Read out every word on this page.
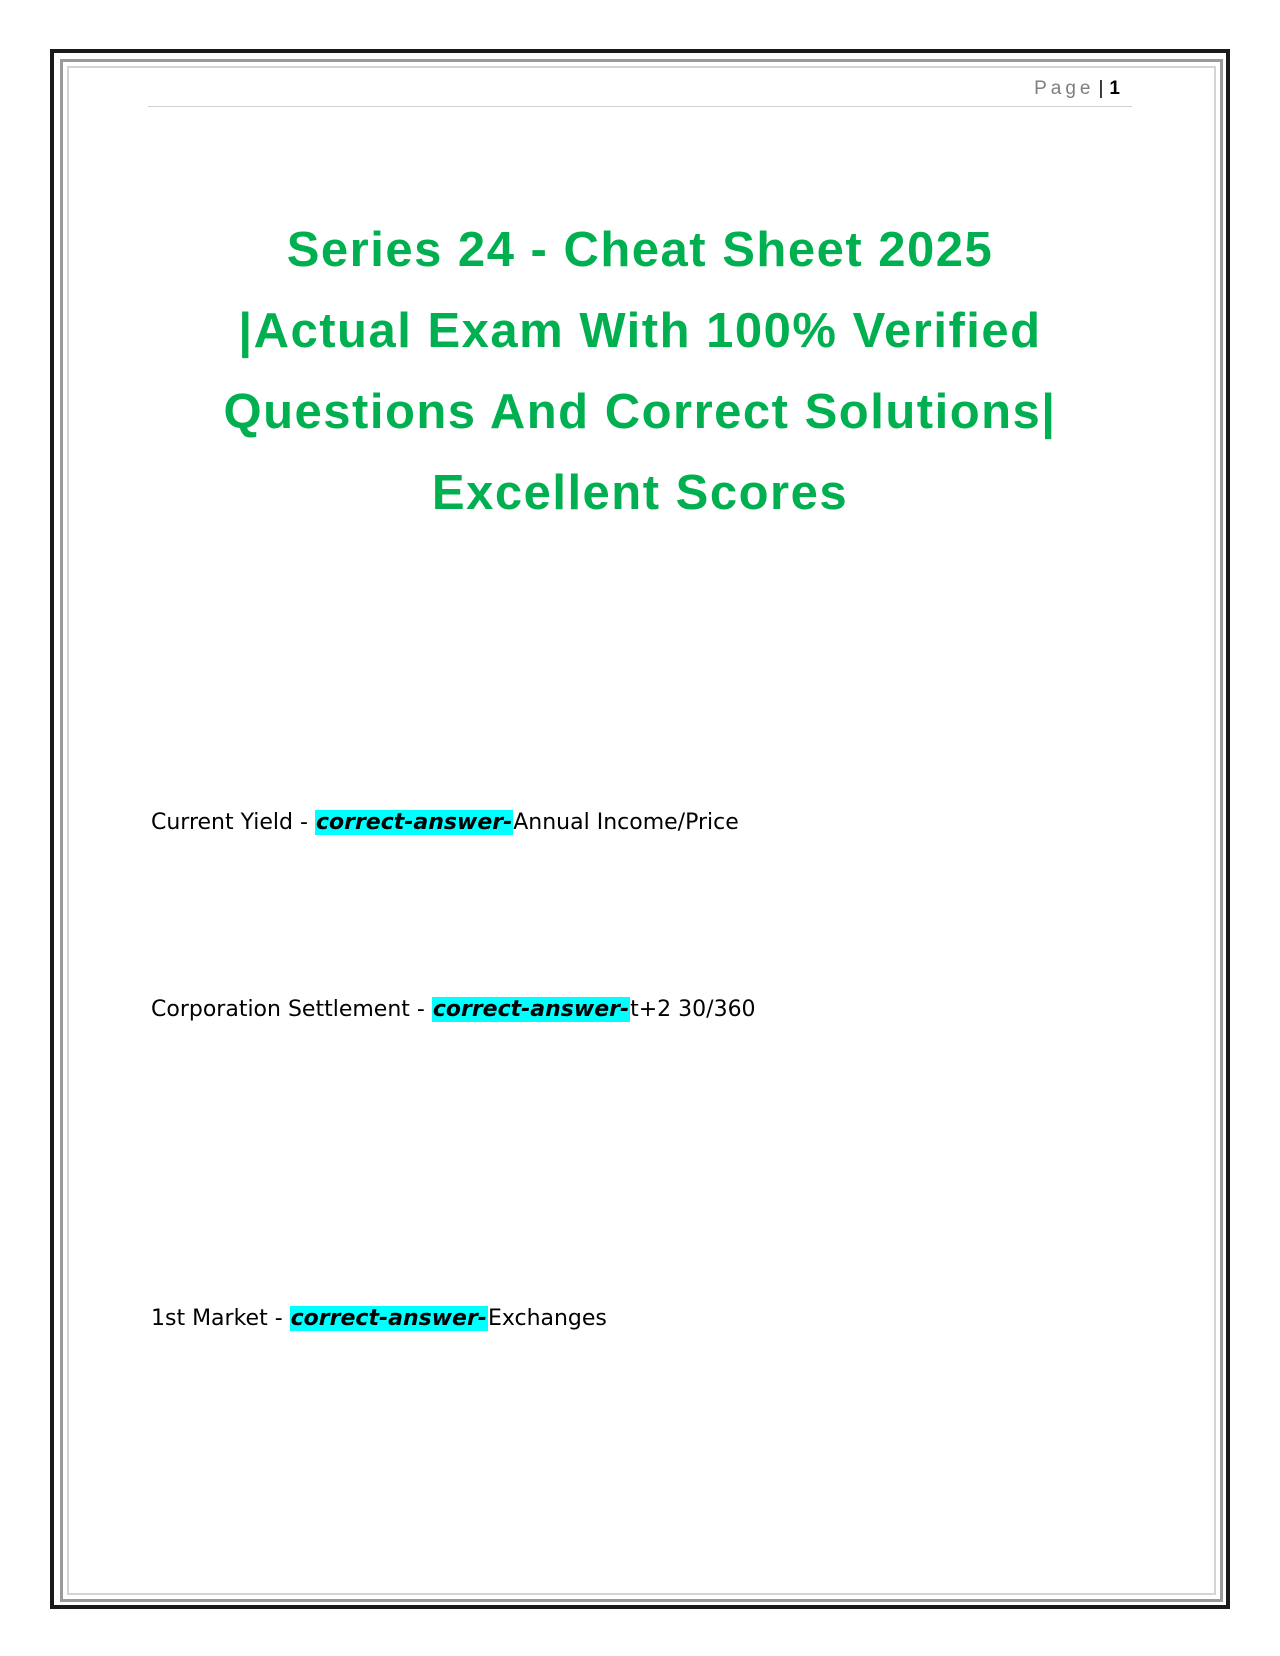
Page | 1
Series 24 - Cheat Sheet 2025
|Actual Exam With 100% Verified
Questions And Correct Solutions|
Excellent Scores
Current Yield - correct-answer-Annual Income/Price
Corporation Settlement - correct-answer-t+2 30/360
1st Market - correct-answer-Exchanges
